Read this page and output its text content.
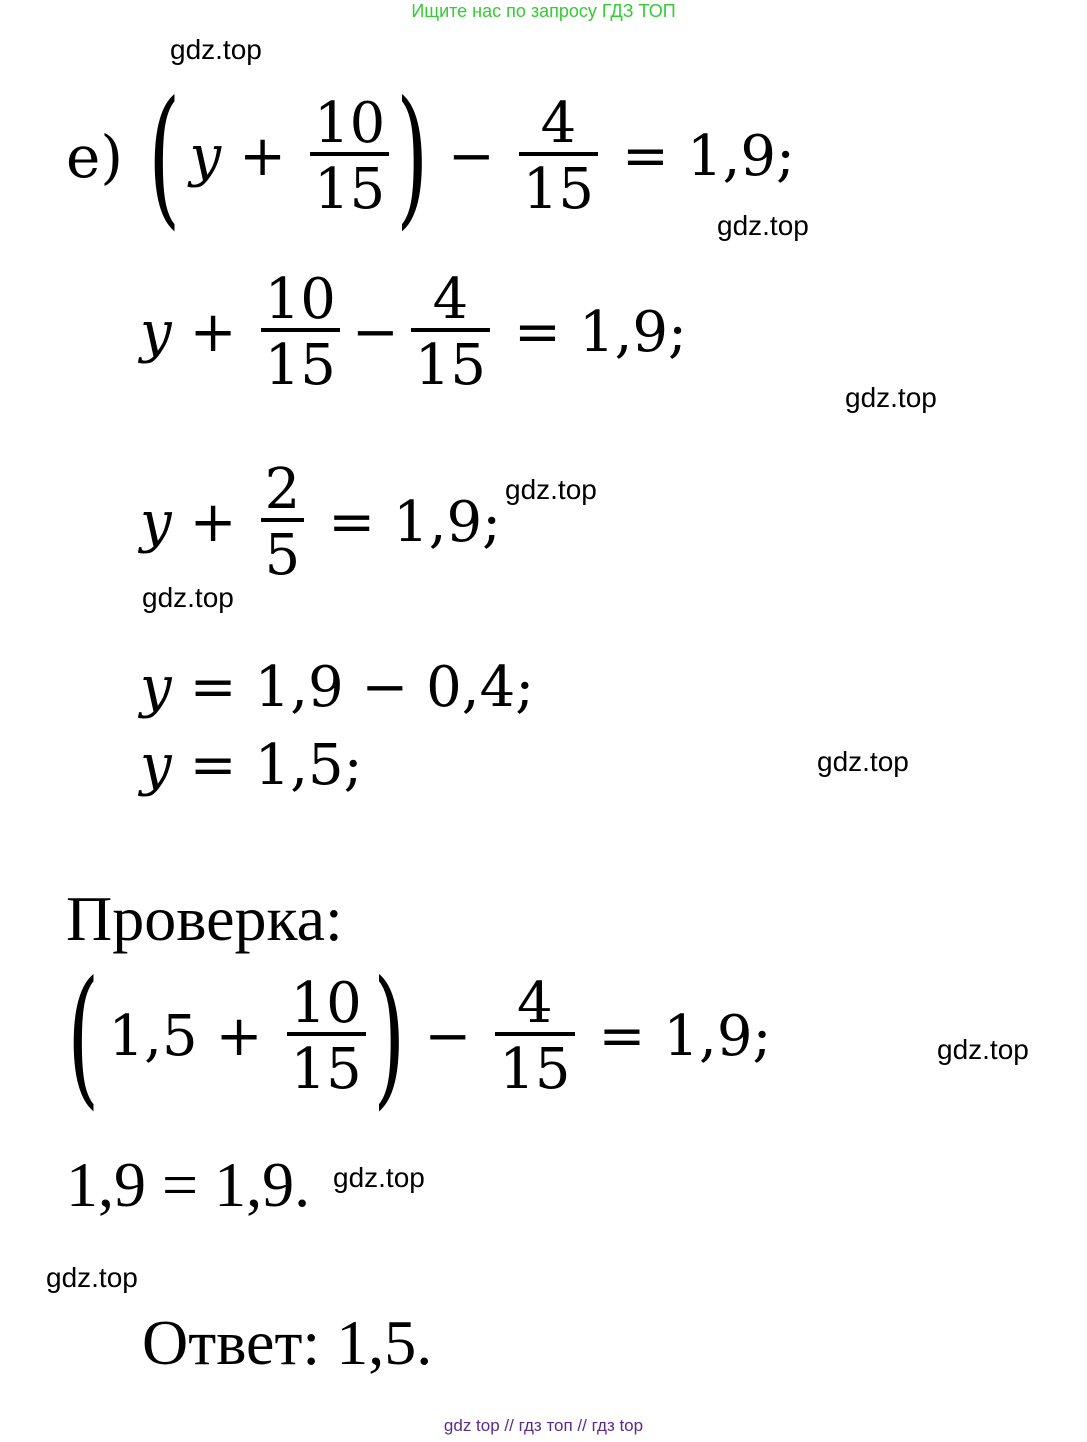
Ищите нас по запросу ГДЗ ТОП
gdz.top
gdz.top
gdz.top
gdz.top
gdz.top
gdz.top
gdz.top
gdz.top
gdz.top
е) ( $y + \frac{10}{15}$ ) − $\frac{4}{15} = 1,9$;
$y + \frac{10}{15} - \frac{4}{15} = 1,9$;
$y + \frac{2}{5} = 1,9$;
y = 1,9 − 0,4;
y = 1,5;
Проверка:
( $1,5 + \frac{10}{15}$ ) − $\frac{4}{15} = 1,9$;
1,9 = 1,9.
Ответ: 1,5.
gdz top // гдз топ // гдз top
